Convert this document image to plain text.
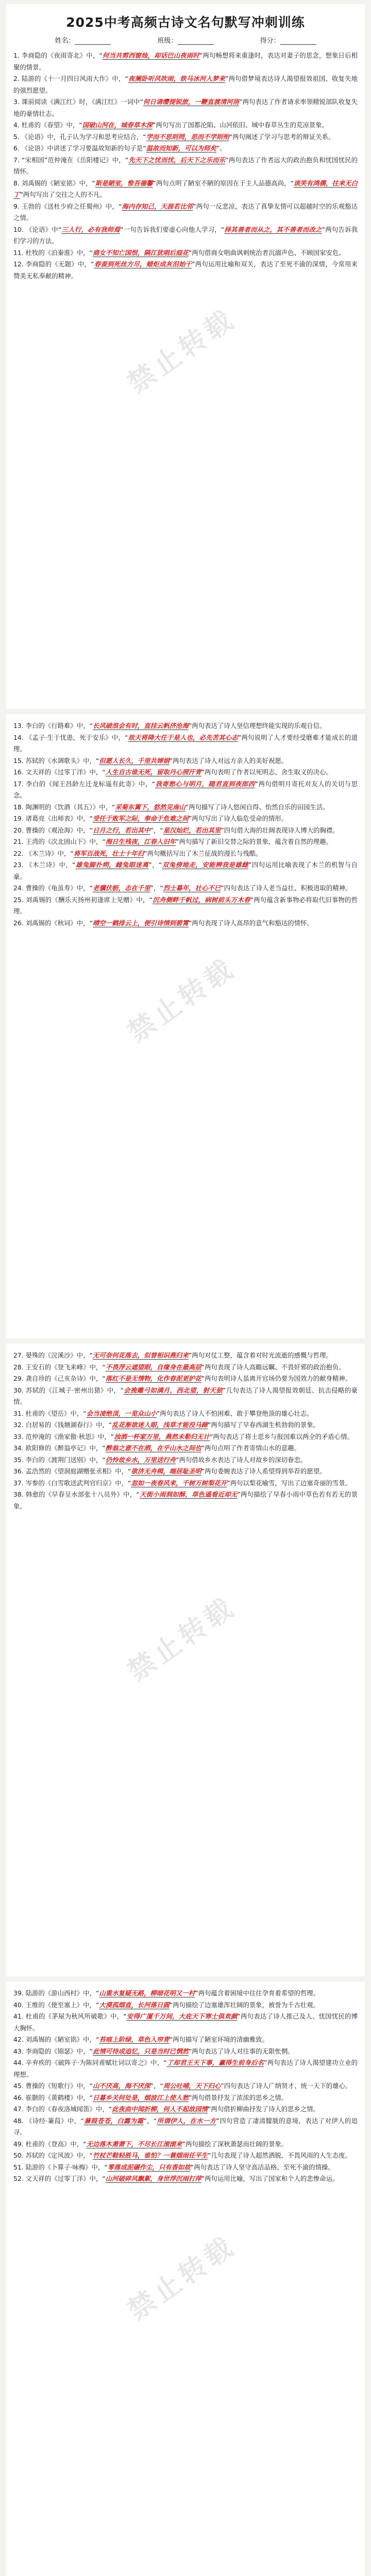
2025中考高频古诗文名句默写冲刺训练
姓名：	班级：	得分：

1. 李商隐的《夜雨寄北》中，“何当共剪西窗烛，却话巴山夜雨时”两句畅想将来重逢时，表达对妻子的思念，想象日后相聚的情景。

2. 陆游的《十一月四日风雨大作》中，“夜阑卧听风吹雨，铁马冰河入梦来”两句借梦境表达诗人渴望报效祖国、收复失地的强烈愿望。

3. 课前阅读《满江红》时，《满江红》一词中“何日请缨提锐旅，一鞭直渡清河洛”两句表达了作者请求率领精锐部队收复失地的豪情壮志。

4. 杜甫的《春望》中，“国破山河在，城春草木深”两句写出了国都沦陷、山河依旧、城中春草丛生的荒凉景象。

5. 《论语》中，孔子认为学习和思考应结合，“学而不思则罔，思而不学则殆”两句阐述了学习与思考的辩证关系。

6. 《论语》中讲述了学习要温故知新的句子是“温故而知新，可以为师矣”。

7. “宋相国”范仲淹在《岳阳楼记》中，“先天下之忧而忧，后天下之乐而乐”两句表达了作者远大的政治抱负和忧国忧民的情怀。

8. 刘禹锡的《陋室铭》中，“斯是陋室，惟吾德馨”两句点明了陋室不陋的原因在于主人品德高尚，“谈笑有鸿儒，往来无白丁”两句写出了交往之人的不凡。

9. 王勃的《送杜少府之任蜀州》中，“海内存知己，天涯若比邻”两句一反悲凉，表达了真挚友情可以超越时空的乐观豁达之情。

10. 《论语》中“三人行，必有我师焉”一句告诉我们要虚心向他人学习，“择其善者而从之，其不善者而改之”两句告诉我们学习的方法。

11. 杜牧的《泊秦淮》中，“商女不知亡国恨，隔江犹唱后庭花”两句借商女唱曲讽刺统治者沉溺声色、不顾国家安危。

12. 李商隐的《无题》中，“春蚕到死丝方尽，蜡炬成灰泪始干”两句运用比喻和双关，表达了至死不渝的深情，今常用来赞美无私奉献的精神。

13. 李白的《行路难》中，“长风破浪会有时，直挂云帆济沧海”两句表达了诗人坚信理想终能实现的乐观自信。

14. 《孟子·生于忧患，死于安乐》中，“故天将降大任于是人也，必先苦其心志”两句说明了人才要经受磨难才能成长的道理。

15. 苏轼的《水调歌头》中，“但愿人长久，千里共婵娟”两句表达了诗人对远方亲人的美好祝愿。

16. 文天祥的《过零丁洋》中，“人生自古谁无死，留取丹心照汗青”两句表明了作者以死明志、舍生取义的决心。

17. 李白的《闻王昌龄左迁龙标遥有此寄》中，“我寄愁心与明月，随君直到夜郎西”两句借明月寄托对友人的关切与思念。

18. 陶渊明的《饮酒（其五）》中，“采菊东篱下，悠然见南山”两句描写了诗人悠闲自得、怡然自乐的田园生活。

19. 诸葛亮《出师表》中，“受任于败军之际，奉命于危难之间”两句写出了诗人临危受命的情形。

20. 曹操的《观沧海》中，“日月之行，若出其中”，“星汉灿烂，若出其里”四句借大海的壮阔表现诗人博大的胸襟。

21. 王湾的《次北固山下》中，“海日生残夜，江春入旧年”两句描写了新旧交替之际的景象，蕴含着自然的理趣。

22. 《木兰诗》中，“将军百战死，壮士十年归”两句概括写出了木兰征战的漫长与残酷。

23. 《木兰诗》中，“雄兔脚扑朔，雌兔眼迷离”，“双兔傍地走，安能辨我是雄雌”四句运用比喻表现了木兰的机智与自豪。

24. 曹操的《龟虽寿》中，“老骥伏枥，志在千里”，“烈士暮年，壮心不已”四句表达了诗人老当益壮、积极进取的精神。

25. 刘禹锡的《酬乐天扬州初逢席上见赠》中，“沉舟侧畔千帆过，病树前头万木春”两句蕴含新事物必将取代旧事物的哲理。

26. 刘禹锡的《秋词》中，“晴空一鹤排云上，便引诗情到碧霄”两句表现了诗人高昂的意气和豁达的情怀。

27. 晏殊的《浣溪沙》中，“无可奈何花落去，似曾相识燕归来”两句对仗工整，蕴含着对时光流逝的感慨与哲理。

28. 王安石的《登飞来峰》中，“不畏浮云遮望眼，自缘身在最高层”两句表现了诗人高瞻远瞩、不畏奸邪的政治抱负。

29. 龚自珍的《己亥杂诗》中，“落红不是无情物，化作春泥更护花”两句表明诗人虽离开官场仍要为国效力的献身精神。

30. 苏轼的《江城子·密州出猎》中，“会挽雕弓如满月，西北望，射天狼”几句表达了诗人渴望报效朝廷、抗击侵略的豪情。

31. 杜甫的《望岳》中，“会当凌绝顶，一览众山小”两句表达了诗人不怕困难、敢于攀登绝顶的雄心壮志。

32. 白居易的《钱塘湖春行》中，“乱花渐欲迷人眼，浅草才能没马蹄”两句描写了早春西湖生机勃勃的景象。

33. 范仲淹的《渔家傲·秋思》中，“浊酒一杯家万里，燕然未勒归无计”两句表达了将士思乡与报国难以两全的矛盾心情。

34. 欧阳修的《醉翁亭记》中，“醉翁之意不在酒，在乎山水之间也”两句点明了作者寄情山水的意趣。

35. 李白的《渡荆门送别》中，“仍怜故乡水，万里送行舟”两句借故乡水表达了诗人对故乡的深切眷恋。

36. 孟浩然的《望洞庭湖赠张丞相》中，“欲济无舟楫，端居耻圣明”两句委婉表达了诗人希望得到举荐的愿望。

37. 岑参的《白雪歌送武判官归京》中，“忽如一夜春风来，千树万树梨花开”两句以梨花喻雪，写出了边塞奇丽的雪景。

38. 韩愈的《早春呈水部张十八员外》中，“天街小雨润如酥，草色遥看近却无”两句描绘了早春小雨中草色若有若无的景象。

39. 陆游的《游山西村》中，“山重水复疑无路，柳暗花明又一村”两句蕴含着困境中往往孕育着希望的哲理。

40. 王维的《使至塞上》中，“大漠孤烟直，长河落日圆”两句描绘了边塞雄浑壮阔的景象，被誉为千古壮观。

41. 杜甫的《茅屋为秋风所破歌》中，“安得广厦千万间，大庇天下寒士俱欢颜”两句表达了诗人推己及人、忧国忧民的博大胸怀。

42. 刘禹锡的《陋室铭》中，“苔痕上阶绿，草色入帘青”两句描写了陋室环境的清幽雅致。

43. 李商隐的《锦瑟》中，“此情可待成追忆，只是当时已惘然”两句表达了诗人对往事的无限怅惘。

44. 辛弃疾的《破阵子·为陈同甫赋壮词以寄之》中，“了却君王天下事，赢得生前身后名”两句表达了诗人渴望建功立业的理想。

45. 曹操的《短歌行》中，“山不厌高，海不厌深”，“周公吐哺，天下归心”四句表达了诗人广纳贤才、统一天下的雄心。

46. 崔颢的《黄鹤楼》中，“日暮乡关何处是，烟波江上使人愁”两句借景抒发了浓浓的思乡之情。

47. 李白的《春夜洛城闻笛》中，“此夜曲中闻折柳，何人不起故园情”两句借折柳曲抒发了诗人的思乡之情。

48. 《诗经·蒹葭》中，“蒹葭苍苍，白露为霜”，“所谓伊人，在水一方”四句营造了凄清朦胧的意境，表达了对伊人的追寻。

49. 杜甫的《登高》中，“无边落木萧萧下，不尽长江滚滚来”两句描绘了深秋萧瑟而壮阔的景象。

50. 苏轼的《定风波》中，“竹杖芒鞋轻胜马，谁怕？一蓑烟雨任平生”几句表现了诗人超然洒脱、不畏风雨的人生态度。

51. 陆游的《卜算子·咏梅》中，“零落成泥碾作尘，只有香如故”两句表达了诗人坚守高洁品格、至死不渝的情操。

52. 文天祥的《过零丁洋》中，“山河破碎风飘絮，身世浮沉雨打萍”两句运用比喻，写出了国家和个人的悲惨命运。

禁止转载
禁止转载
禁止转载
禁止转载
